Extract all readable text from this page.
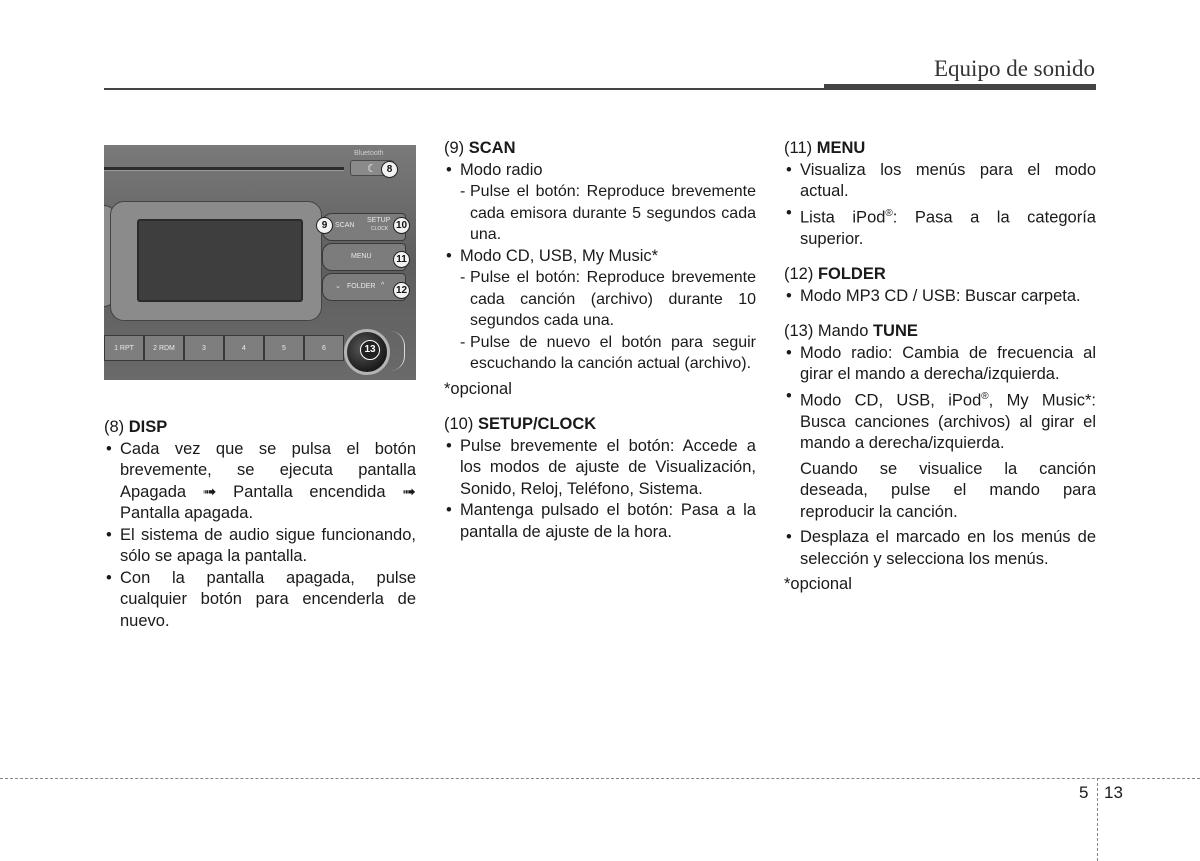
Equipo de sonido
Bluetooth
☾
SCAN
SETUP
CLOCK
MENU
⌄ FOLDER ^
1 RPT	2 RDM	3	4	5	6
8
9	10
11
12
13

(8) DISP

• Cada vez que se pulsa el botón brevemente, se ejecuta pantalla Apagada ➟ Pantalla encendida ➟ Pantalla apagada.
• El sistema de audio sigue funcionando, sólo se apaga la pantalla.
• Con la pantalla apagada, pulse cualquier botón para encenderla de nuevo.

(9) SCAN

• Modo radio
- Pulse el botón: Reproduce brevemente cada emisora durante 5 segundos cada una.
• Modo CD, USB, My Music*
- Pulse el botón: Reproduce brevemente cada canción (archivo) durante 10 segundos cada una.
- Pulse de nuevo el botón para seguir escuchando la canción actual (archivo).

*opcional

(10) SETUP/CLOCK

• Pulse brevemente el botón: Accede a los modos de ajuste de Visualización, Sonido, Reloj, Teléfono, Sistema.
• Mantenga pulsado el botón: Pasa a la pantalla de ajuste de la hora.

(11) MENU

• Visualiza los menús para el modo actual.
• Lista iPod®: Pasa a la categoría superior.

(12) FOLDER

• Modo MP3 CD / USB: Buscar carpeta.

(13) Mando TUNE

• Modo radio: Cambia de frecuencia al girar el mando a derecha/izquierda.
• Modo CD, USB, iPod®, My Music*: Busca canciones (archivos) al girar el mando a derecha/izquierda.

Cuando se visualice la canción deseada, pulse el mando para reproducir la canción.

• Desplaza el marcado en los menús de selección y selecciona los menús.

*opcional

5 13
